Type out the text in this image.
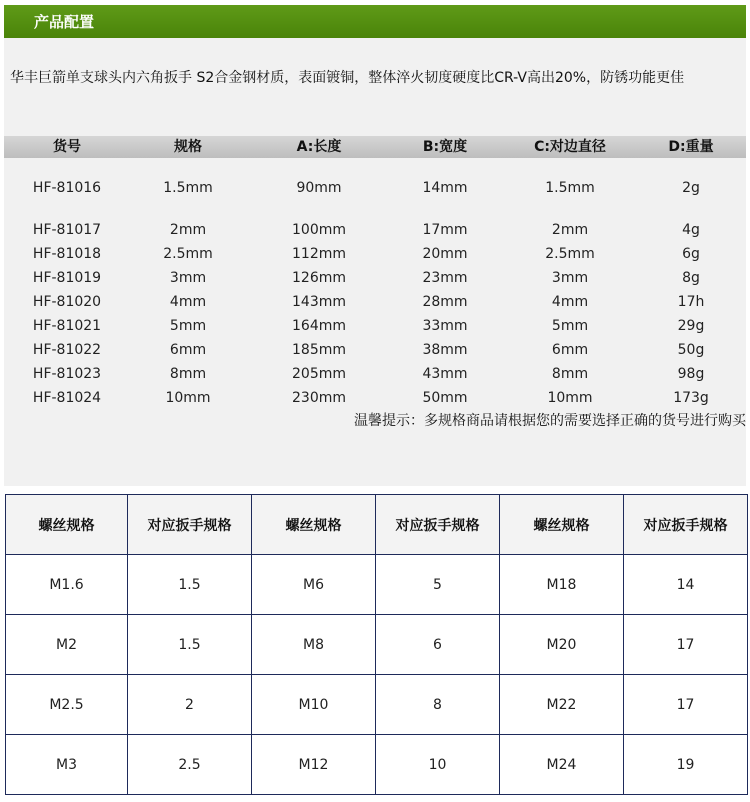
产品配置
华丰巨箭单支球头内六角扳手 S2合金钢材质，表面镀铜，整体淬火韧度硬度比CR-V高出20%，防锈功能更佳
货号	规格	A:长度	B:宽度	C:对边直径	D:重量
HF-81016	1.5mm	90mm	14mm	1.5mm	2g
HF-81017	2mm	100mm	17mm	2mm	4g
HF-81018	2.5mm	112mm	20mm	2.5mm	6g
HF-81019	3mm	126mm	23mm	3mm	8g
HF-81020	4mm	143mm	28mm	4mm	17h
HF-81021	5mm	164mm	33mm	5mm	29g
HF-81022	6mm	185mm	38mm	6mm	50g
HF-81023	8mm	205mm	43mm	8mm	98g
HF-81024	10mm	230mm	50mm	10mm	173g
温馨提示：多规格商品请根据您的需要选择正确的货号进行购买
螺丝规格	对应扳手规格	螺丝规格	对应扳手规格	螺丝规格	对应扳手规格
M1.6	1.5	M6	5	M18	14
M2	1.5	M8	6	M20	17
M2.5	2	M10	8	M22	17
M3	2.5	M12	10	M24	19
